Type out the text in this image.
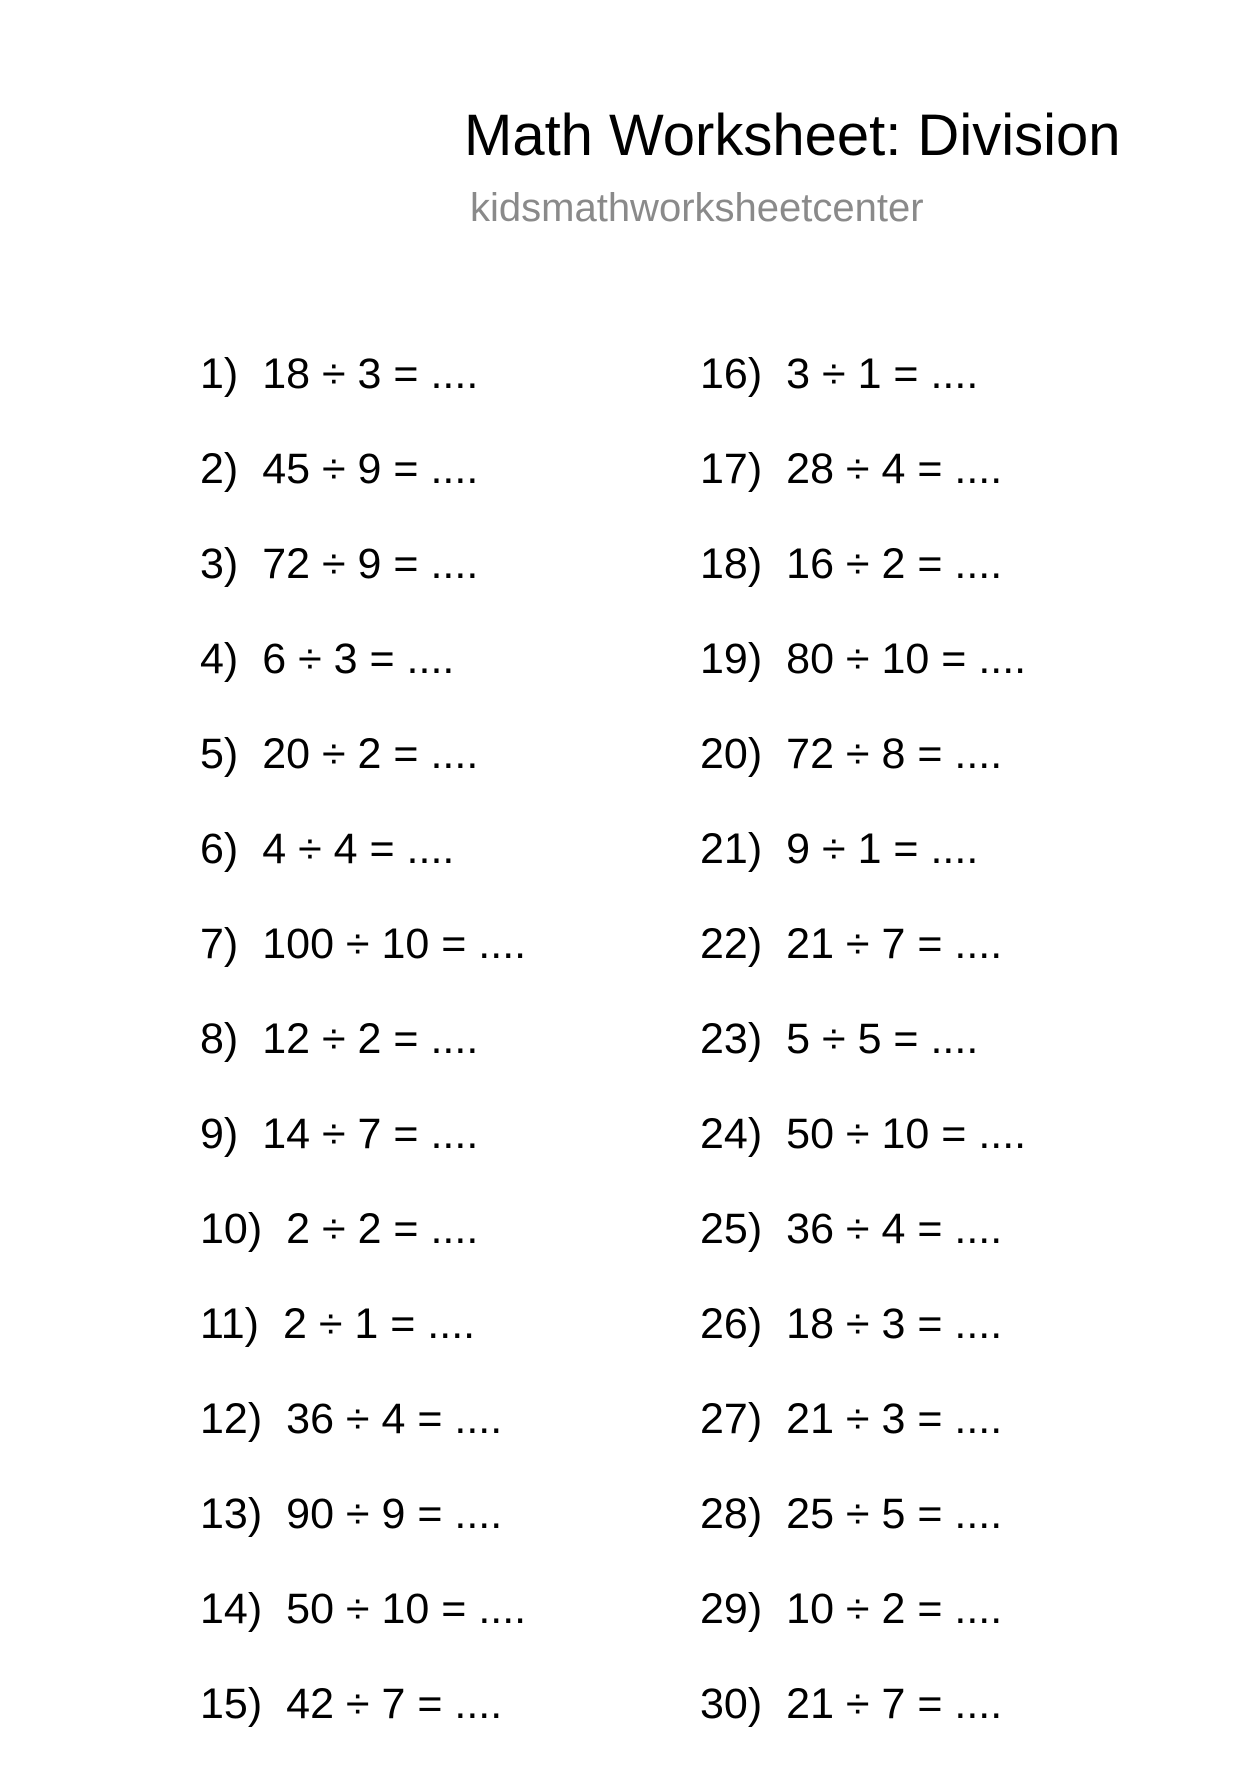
Math Worksheet: Division
kidsmathworksheetcenter
1) 18 ÷ 3 = ....
2) 45 ÷ 9 = ....
3) 72 ÷ 9 = ....
4) 6 ÷ 3 = ....
5) 20 ÷ 2 = ....
6) 4 ÷ 4 = ....
7) 100 ÷ 10 = ....
8) 12 ÷ 2 = ....
9) 14 ÷ 7 = ....
10) 2 ÷ 2 = ....
11) 2 ÷ 1 = ....
12) 36 ÷ 4 = ....
13) 90 ÷ 9 = ....
14) 50 ÷ 10 = ....
15) 42 ÷ 7 = ....
16) 3 ÷ 1 = ....
17) 28 ÷ 4 = ....
18) 16 ÷ 2 = ....
19) 80 ÷ 10 = ....
20) 72 ÷ 8 = ....
21) 9 ÷ 1 = ....
22) 21 ÷ 7 = ....
23) 5 ÷ 5 = ....
24) 50 ÷ 10 = ....
25) 36 ÷ 4 = ....
26) 18 ÷ 3 = ....
27) 21 ÷ 3 = ....
28) 25 ÷ 5 = ....
29) 10 ÷ 2 = ....
30) 21 ÷ 7 = ....
